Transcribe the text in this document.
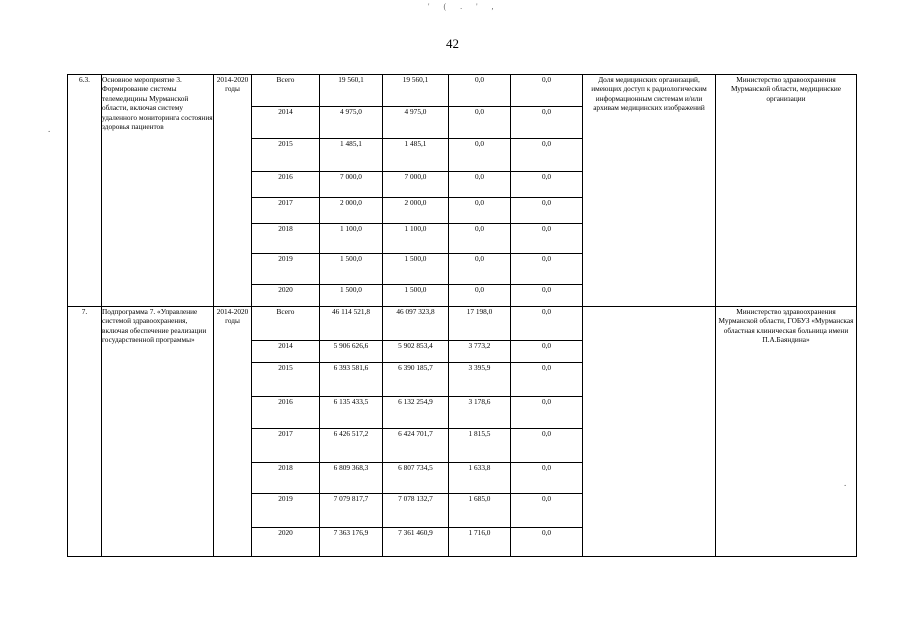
' ( . ' ,
.
.
42
6.3.	Основное мероприятие 3. Формирование системы телемедицины Мурманской области, включая систему удаленного мониторинга состояния здоровья пациентов	2014-2020 годы	Всего	19 560,1	19 560,1	0,0	0,0	Доля медицинских организаций, имеющих доступ к радиологическим информационным системам и/или архивам медицинских изображений	Министерство здравоохранения Мурманской области, медицинские организации
			2014	4 975,0	4 975,0	0,0	0,0		
			2015	1 485,1	1 485,1	0,0	0,0		
			2016	7 000,0	7 000,0	0,0	0,0		
			2017	2 000,0	2 000,0	0,0	0,0		
			2018	1 100,0	1 100,0	0,0	0,0		
			2019	1 500,0	1 500,0	0,0	0,0		
			2020	1 500,0	1 500,0	0,0	0,0		
7.	Подпрограмма 7. «Управление системой здравоохранения, включая обеспечение реализации государственной программы»	2014-2020 годы	Всего	46 114 521,8	46 097 323,8	17 198,0	0,0		Министерство здравоохранения Мурманской области, ГОБУЗ «Мурманская областная клиническая больница имени П.А.Баяндина»
			2014	5 906 626,6	5 902 853,4	3 773,2	0,0		
			2015	6 393 581,6	6 390 185,7	3 395,9	0,0		
			2016	6 135 433,5	6 132 254,9	3 178,6	0,0		
			2017	6 426 517,2	6 424 701,7	1 815,5	0,0		
			2018	6 809 368,3	6 807 734,5	1 633,8	0,0		
			2019	7 079 817,7	7 078 132,7	1 685,0	0,0		
			2020	7 363 176,9	7 361 460,9	1 716,0	0,0		
